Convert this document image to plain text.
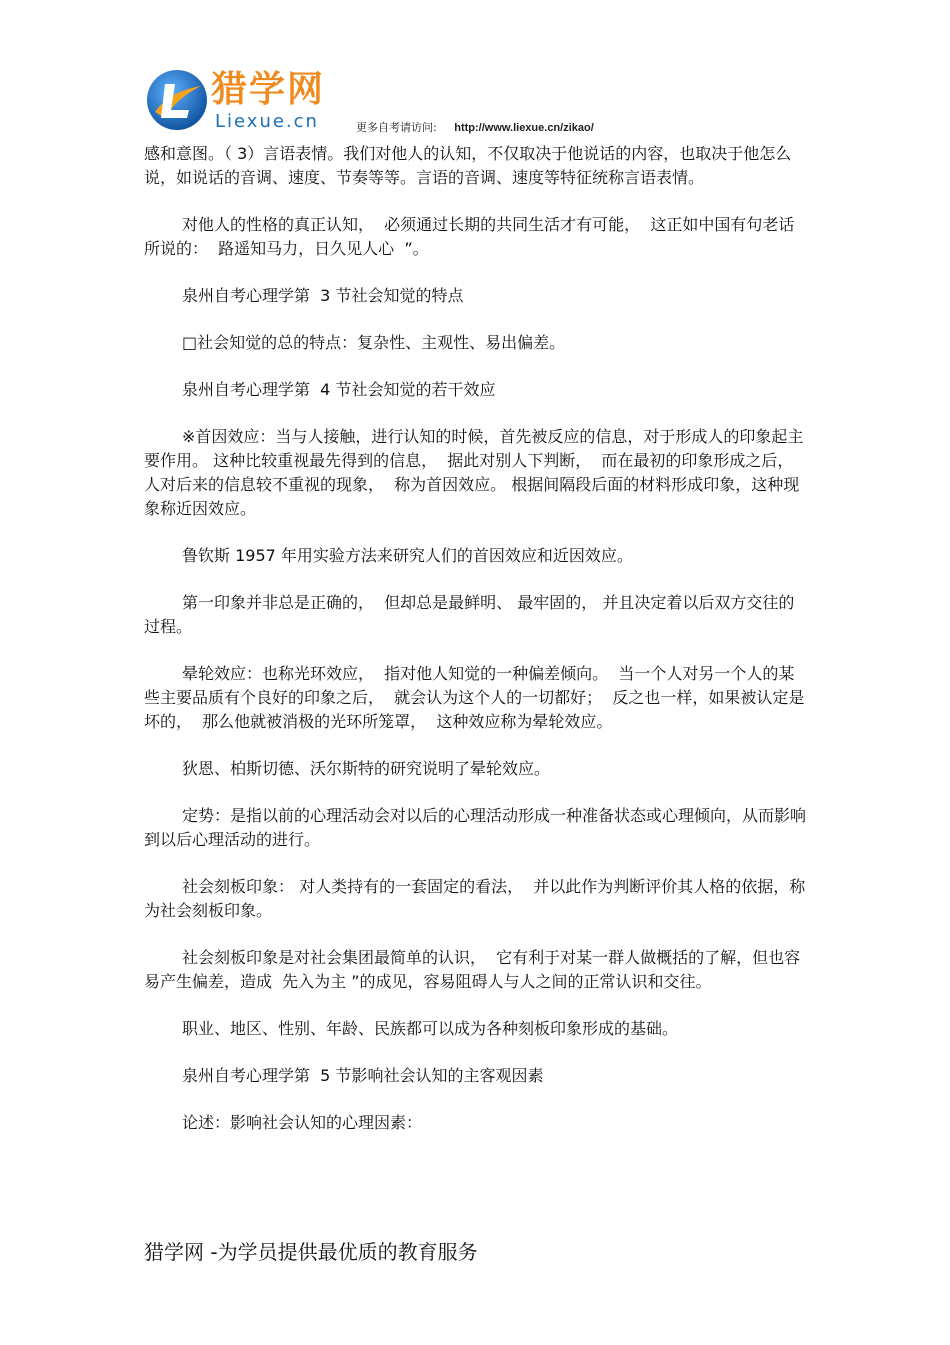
猎学网
Liexue.cn	更多自考请访问: http://www.liexue.cn/zikao/

感和意图。（ 3）言语表情。我们对他人的认知，不仅取决于他说话的内容，也取决于他怎么说，如说话的音调、速度、节奏等等。言语的音调、速度等特征统称言语表情。

对他人的性格的真正认知，  必须通过长期的共同生活才有可能，  这正如中国有句老话所说的：  路遥知马力，日久见人心  ”。

泉州自考心理学第  3 节社会知觉的特点

□社会知觉的总的特点：复杂性、主观性、易出偏差。

泉州自考心理学第  4 节社会知觉的若干效应

※首因效应：当与人接触，进行认知的时候，首先被反应的信息，对于形成人的印象起主要作用。 这种比较重视最先得到的信息，  据此对别人下判断，  而在最初的印象形成之后，  人对后来的信息较不重视的现象，  称为首因效应。 根据间隔段后面的材料形成印象，这种现象称近因效应。

鲁钦斯 1957 年用实验方法来研究人们的首因效应和近因效应。

第一印象并非总是正确的，  但却总是最鲜明、 最牢固的， 并且决定着以后双方交往的过程。

晕轮效应：也称光环效应，  指对他人知觉的一种偏差倾向。  当一个人对另一个人的某些主要品质有个良好的印象之后，  就会认为这个人的一切都好；  反之也一样，如果被认定是坏的，  那么他就被消极的光环所笼罩，  这种效应称为晕轮效应。

狄恩、柏斯切德、沃尔斯特的研究说明了晕轮效应。

定势：是指以前的心理活动会对以后的心理活动形成一种准备状态或心理倾向，从而影响到以后心理活动的进行。

社会刻板印象： 对人类持有的一套固定的看法，  并以此作为判断评价其人格的依据，称为社会刻板印象。

社会刻板印象是对社会集团最简单的认识，  它有利于对某一群人做概括的了解，但也容易产生偏差，造成  先入为主 ”的成见，容易阻碍人与人之间的正常认识和交往。

职业、地区、性别、年龄、民族都可以成为各种刻板印象形成的基础。

泉州自考心理学第  5 节影响社会认知的主客观因素

论述：影响社会认知的心理因素：

猎学网 -为学员提供最优质的教育服务
